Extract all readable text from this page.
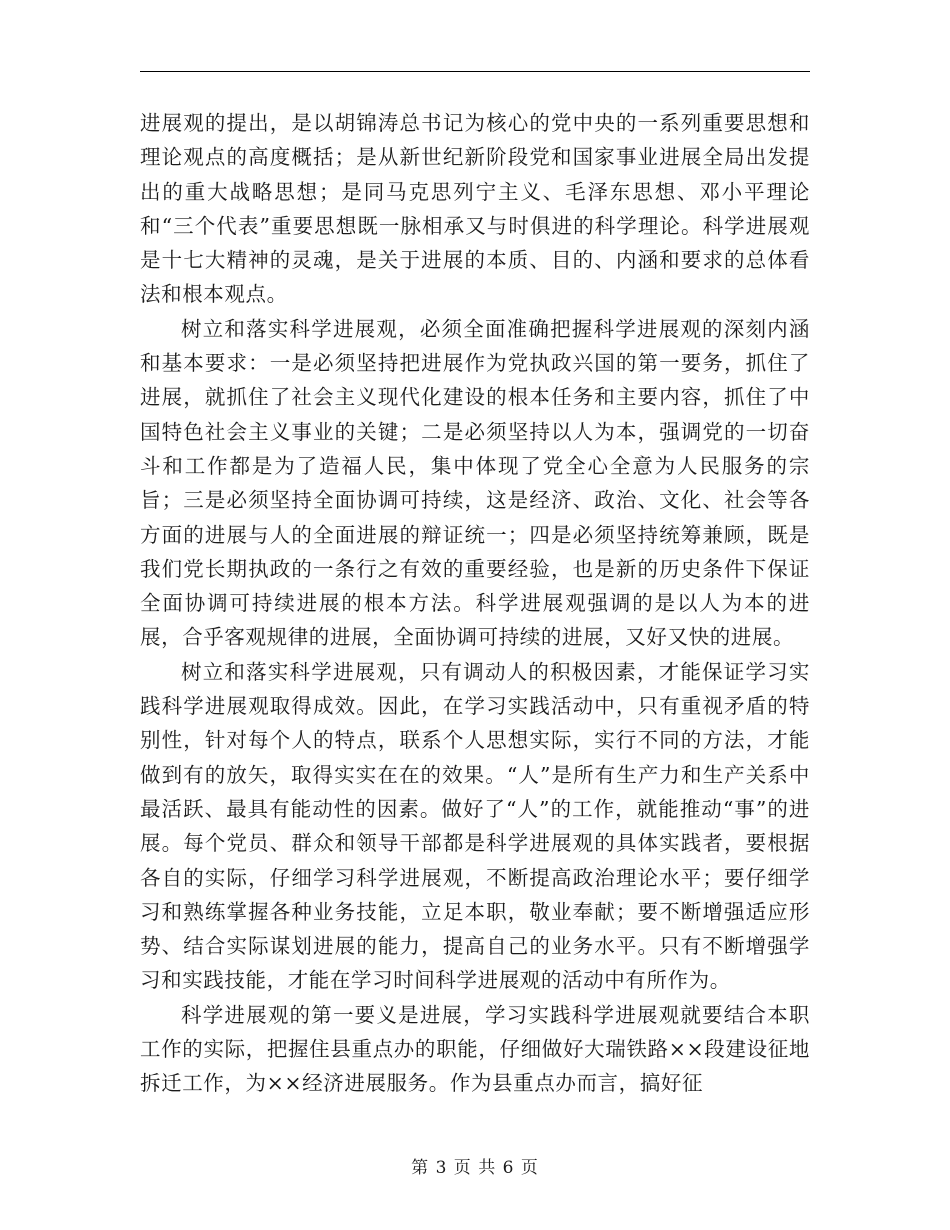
进展观的提出，是以胡锦涛总书记为核心的党中央的一系列重要思想和理论观点的高度概括；是从新世纪新阶段党和国家事业进展全局出发提出的重大战略思想；是同马克思列宁主义、毛泽东思想、邓小平理论和“三个代表”重要思想既一脉相承又与时俱进的科学理论。科学进展观是十七大精神的灵魂，是关于进展的本质、目的、内涵和要求的总体看法和根本观点。

树立和落实科学进展观，必须全面准确把握科学进展观的深刻内涵和基本要求：一是必须坚持把进展作为党执政兴国的第一要务，抓住了进展，就抓住了社会主义现代化建设的根本任务和主要内容，抓住了中国特色社会主义事业的关键；二是必须坚持以人为本，强调党的一切奋斗和工作都是为了造福人民，集中体现了党全心全意为人民服务的宗旨；三是必须坚持全面协调可持续，这是经济、政治、文化、社会等各方面的进展与人的全面进展的辩证统一；四是必须坚持统筹兼顾，既是我们党长期执政的一条行之有效的重要经验，也是新的历史条件下保证全面协调可持续进展的根本方法。科学进展观强调的是以人为本的进展，合乎客观规律的进展，全面协调可持续的进展，又好又快的进展。

树立和落实科学进展观，只有调动人的积极因素，才能保证学习实践科学进展观取得成效。因此，在学习实践活动中，只有重视矛盾的特别性，针对每个人的特点，联系个人思想实际，实行不同的方法，才能做到有的放矢，取得实实在在的效果。“人”是所有生产力和生产关系中最活跃、最具有能动性的因素。做好了“人”的工作，就能推动“事”的进展。每个党员、群众和领导干部都是科学进展观的具体实践者，要根据各自的实际，仔细学习科学进展观，不断提高政治理论水平；要仔细学习和熟练掌握各种业务技能，立足本职，敬业奉献；要不断增强适应形势、结合实际谋划进展的能力，提高自己的业务水平。只有不断增强学习和实践技能，才能在学习时间科学进展观的活动中有所作为。

科学进展观的第一要义是进展，学习实践科学进展观就要结合本职工作的实际，把握住县重点办的职能，仔细做好大瑞铁路××段建设征地拆迁工作，为××经济进展服务。作为县重点办而言，搞好征

第 3 页 共 6 页
